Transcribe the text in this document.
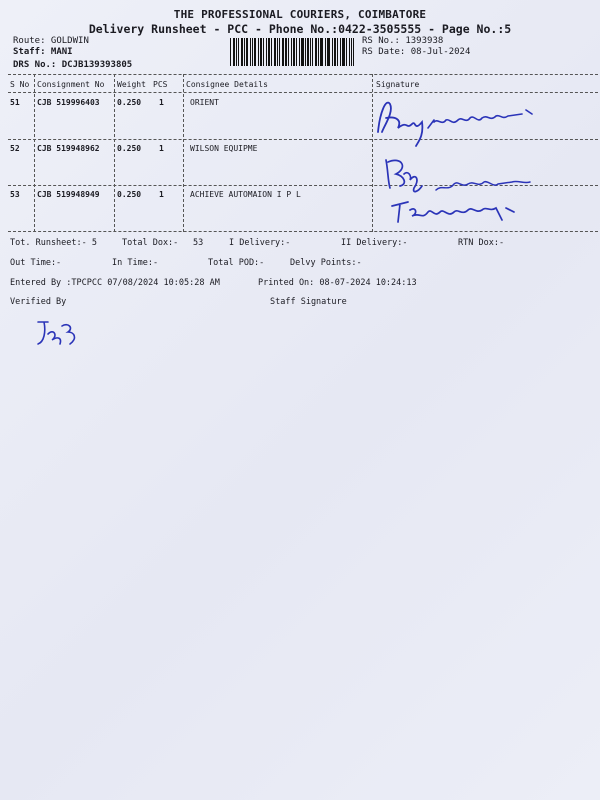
THE PROFESSIONAL COURIERS, COIMBATORE
Delivery Runsheet - PCC - Phone No.:0422-3505555 - Page No.:5
Route: GOLDWIN
Staff: MANI
DRS No.: DCJB139393805
RS No.: 1393938
RS Date: 08-Jul-2024
S No Consignment No Weight PCS Consignee Details	Signature
51 CJB 519996403 0.250 1	ORIENT
52 CJB 519948962 0.250 1	WILSON EQUIPME
53 CJB 519948949 0.250 1	ACHIEVE AUTOMAION I P L
Tot. Runsheet:- 5	Total Dox:- 53	I Delivery:-	II Delivery:-	RTN Dox:-
Out Time:-	In Time:-	Total POD:-	Delvy Points:-
Entered By :TPCPCC 07/08/2024 10:05:28 AM	Printed On: 08-07-2024 10:24:13
Verified By	Staff Signature
